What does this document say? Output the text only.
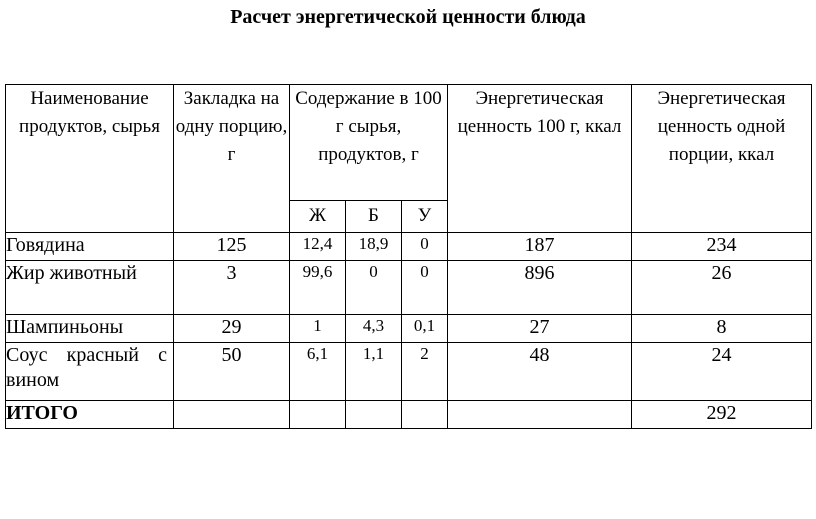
Расчет энергетической ценности блюда
Наименование продуктов, сырья	Закладка на одну порцию, г	Содержание в 100 г сырья, продуктов, г			Энергетическая ценность 100 г, ккал	Энергетическая ценность одной порции, ккал
		Ж	Б	У		
Говядина	125	12,4	18,9	0	187	234
Жир животный	3	99,6	0	0	896	26
Шампиньоны	29	1	4,3	0,1	27	8
Соус красный с вином	50	6,1	1,1	2	48	24
ИТОГО						292
